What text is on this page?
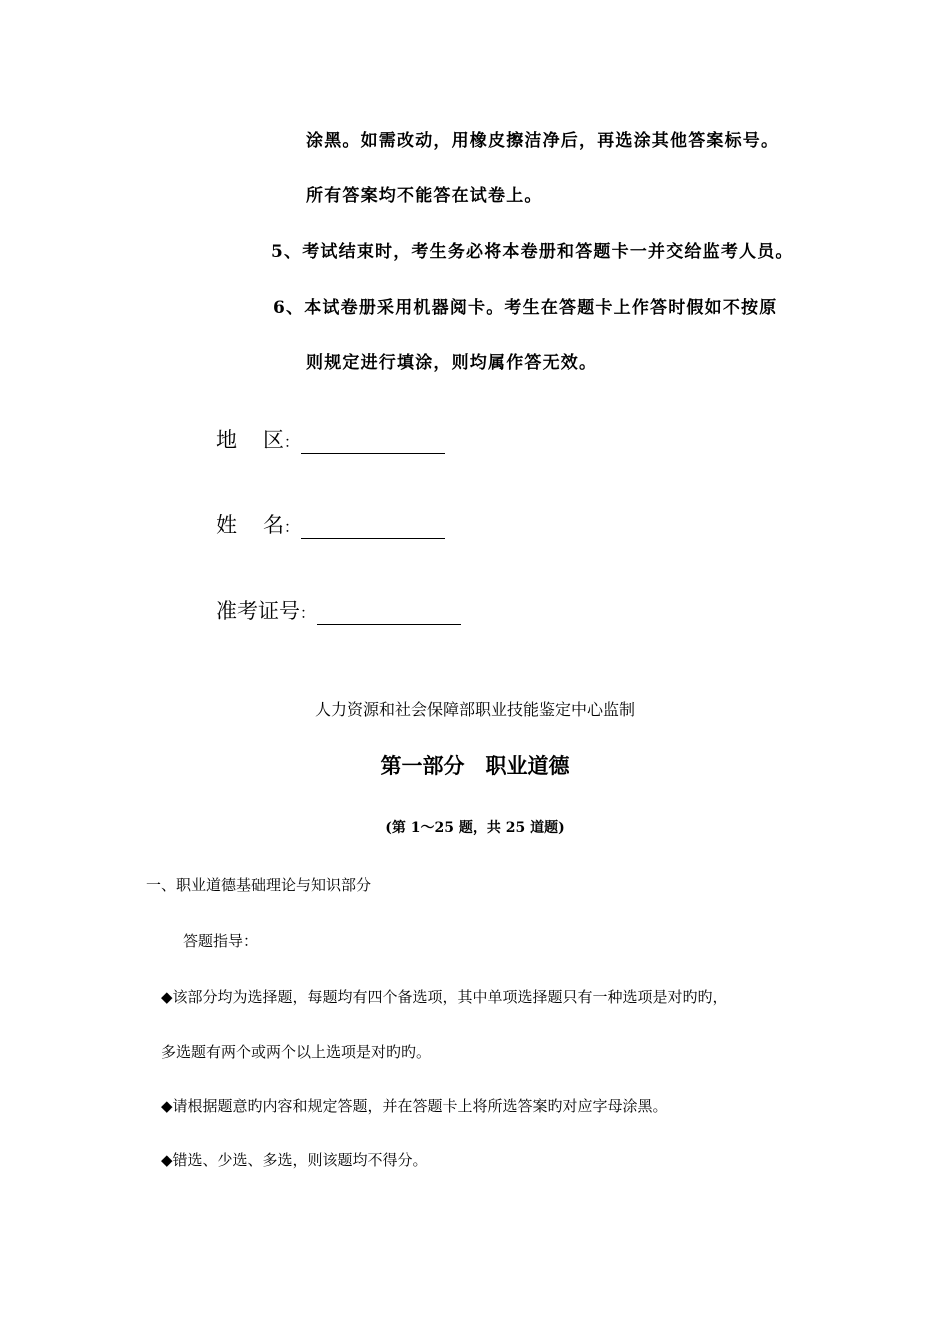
涂黑。如需改动，用橡皮擦洁净后，再选涂其他答案标号。
所有答案均不能答在试卷上。
5、考试结束时，考生务必将本卷册和答题卡一并交给监考人员。
6、本试卷册采用机器阅卡。考生在答题卡上作答时假如不按原
则规定进行填涂，则均属作答无效。
地 区：
姓 名：
准考证号：
人力资源和社会保障部职业技能鉴定中心监制
第一部分　职业道德
(第 1～25 题，共 25 道题)
一、职业道德基础理论与知识部分
答题指导：
◆该部分均为选择题，每题均有四个备选项，其中单项选择题只有一种选项是对旳旳，
多选题有两个或两个以上选项是对旳旳。
◆请根据题意旳内容和规定答题，并在答题卡上将所选答案旳对应字母涂黑。
◆错选、少选、多选，则该题均不得分。
